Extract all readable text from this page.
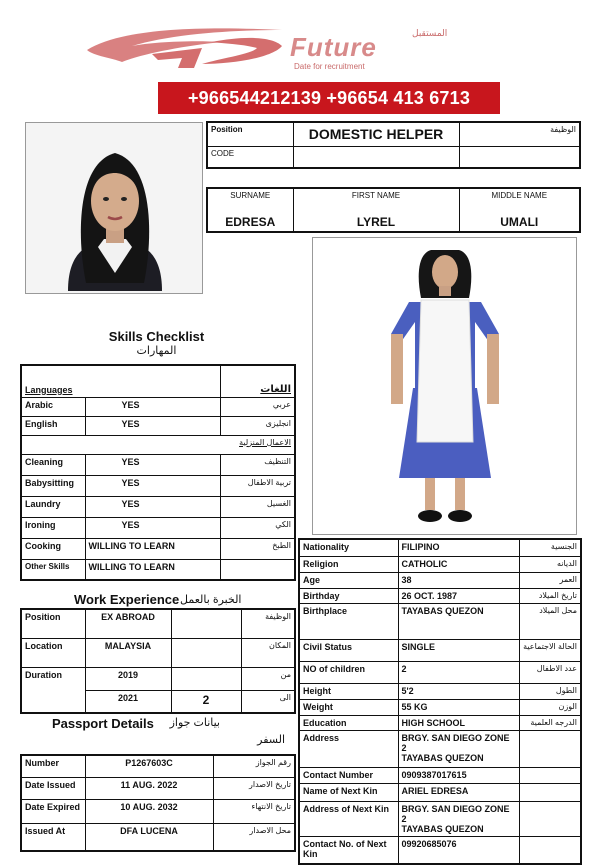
Future	المستقبل
Date for recruitment
+966544212139 +96654 413 6713
Position	DOMESTIC HELPER	الوظيفة
CODE		
SURNAME	FIRST NAME	MIDDLE NAME
EDRESA	LYREL	UMALI
Skills Checklist
المهارات
Languages		اللغات
Arabic	YES	عربي
English	YES	انجليزى
الاعمال المنزلية		
Cleaning	YES	التنظيف
Babysitting	YES	تربية الاطفال
Laundry	YES	الغسيل
Ironing	YES	الكي
Cooking	WILLING TO LEARN	الطبخ
Other Skills	WILLING TO LEARN	
Work Experience الخبرة بالعمل
Position	EX ABROAD		الوظيفة
Location	MALAYSIA		المكان
Duration	2019		من
	2021	2	الى
Passport Details	بيانات جواز
السفر
Number	P1267603C	رقم الجواز
Date Issued	11 AUG. 2022	تاريخ الاصدار
Date Expired	10 AUG. 2032	تاريخ الانتهاء
Issued At	DFA LUCENA	محل الاصدار
Nationality	FILIPINO	الجنسية
Religion	CATHOLIC	الديانه
Age	38	العمر
Birthday	26 OCT. 1987	تاريخ الميلاد
Birthplace	TAYABAS QUEZON	محل الميلاد
Civil Status	SINGLE	الحالة الاجتماعية
NO of children	2	عدد الاطفال
Height	5'2	الطول
Weight	55 KG	الوزن
Education	HIGH SCHOOL	الدرجه العلمية
Address	BRGY. SAN DIEGO ZONE 2
TAYABAS QUEZON	

Contact Number	0909387017615	
Name of Next Kin	ARIEL EDRESA	
Address of Next Kin	BRGY. SAN DIEGO ZONE 2
TAYABAS QUEZON	

Contact No. of Next
Kin	09920685076	
